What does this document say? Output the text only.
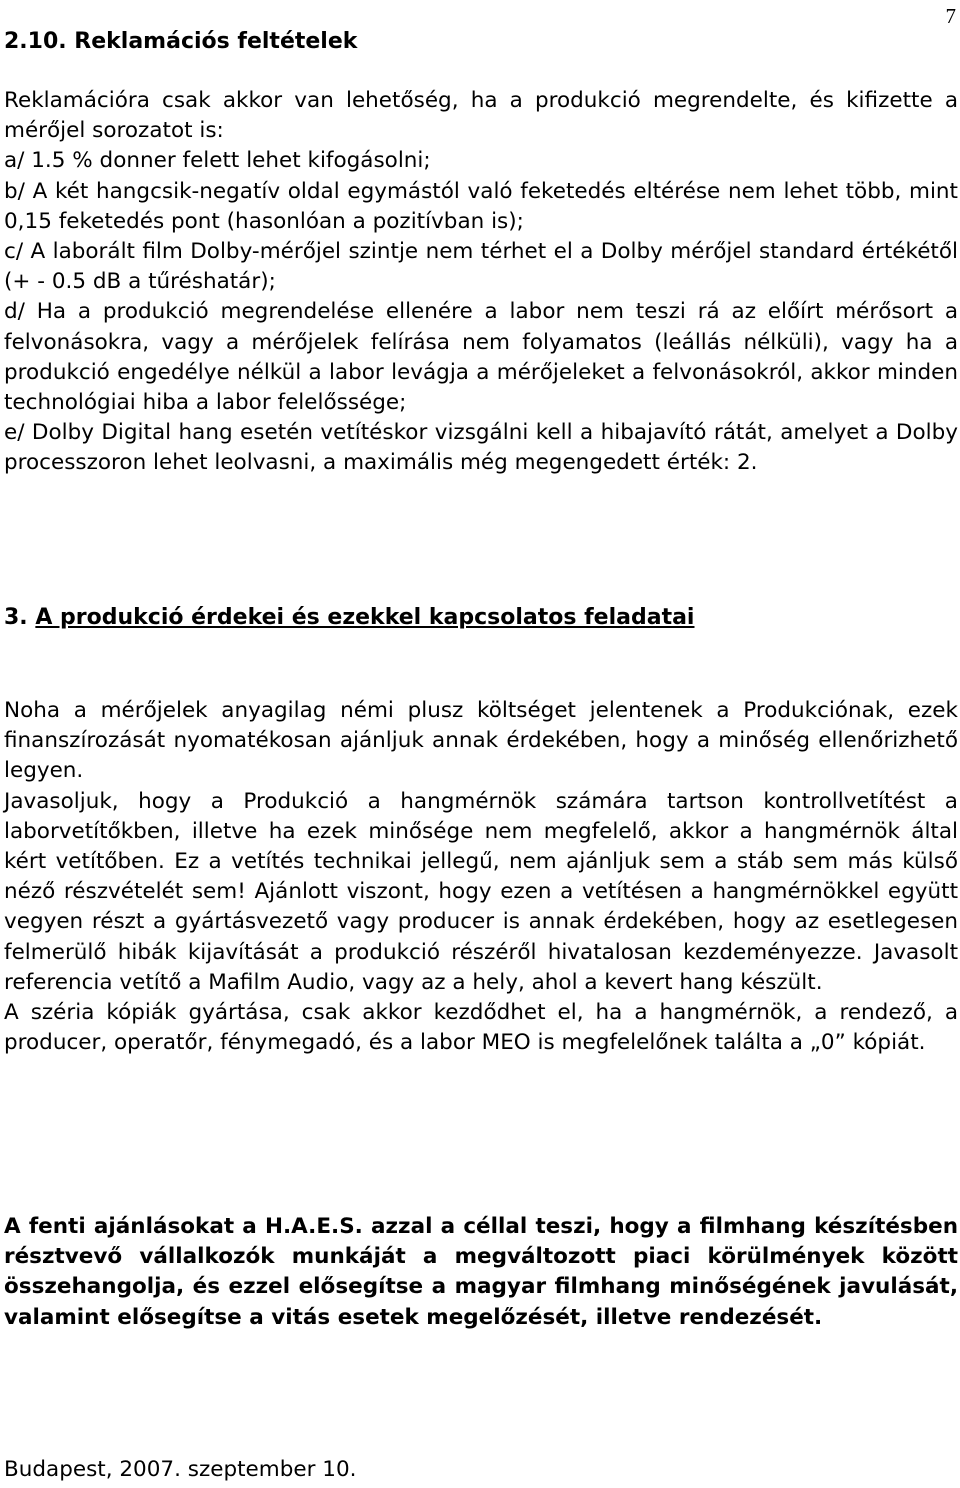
7
2.10. Reklamációs feltételek

Reklamációra csak akkor van lehetőség, ha a produkció megrendelte, és kifizette a mérőjel sorozatot is:

a/ 1.5 % donner felett lehet kifogásolni;

b/ A két hangcsik-negatív oldal egymástól való feketedés eltérése nem lehet több, mint 0,15 feketedés pont (hasonlóan a pozitívban is);

c/ A laborált film Dolby-mérőjel szintje nem térhet el a Dolby mérőjel standard értékétől (+ - 0.5 dB a tűréshatár);

d/ Ha a produkció megrendelése ellenére a labor nem teszi rá az előírt mérősort a felvonásokra, vagy a mérőjelek felírása nem folyamatos (leállás nélküli), vagy ha a produkció engedélye nélkül a labor levágja a mérőjeleket a felvonásokról, akkor minden technológiai hiba a labor felelőssége;

e/ Dolby Digital hang esetén vetítéskor vizsgálni kell a hibajavító rátát, amelyet a Dolby processzoron lehet leolvasni, a maximális még megengedett érték: 2.

3. A produkció érdekei és ezekkel kapcsolatos feladatai

Noha a mérőjelek anyagilag némi plusz költséget jelentenek a Produkciónak, ezek finanszírozását nyomatékosan ajánljuk annak érdekében, hogy a minőség ellenőrizhető legyen.

Javasoljuk, hogy a Produkció a hangmérnök számára tartson kontrollvetítést a laborvetítőkben, illetve ha ezek minősége nem megfelelő, akkor a hangmérnök által kért vetítőben. Ez a vetítés technikai jellegű, nem ajánljuk sem a stáb sem más külső néző részvételét sem! Ajánlott viszont, hogy ezen a vetítésen a hangmérnökkel együtt vegyen részt a gyártásvezető vagy producer is annak érdekében, hogy az esetlegesen felmerülő hibák kijavítását a produkció részéről hivatalosan kezdeményezze. Javasolt referencia vetítő a Mafilm Audio, vagy az a hely, ahol a kevert hang készült.

A széria kópiák gyártása, csak akkor kezdődhet el, ha a hangmérnök, a rendező, a producer, operatőr, fénymegadó, és a labor MEO is megfelelőnek találta a „0” kópiát.

A fenti ajánlásokat a H.A.E.S. azzal a céllal teszi, hogy a filmhang készítésben résztvevő vállalkozók munkáját a megváltozott piaci körülmények között összehangolja, és ezzel elősegítse a magyar filmhang minőségének javulását, valamint elősegítse a vitás esetek megelőzését, illetve rendezését.

Budapest, 2007. szeptember 10.
